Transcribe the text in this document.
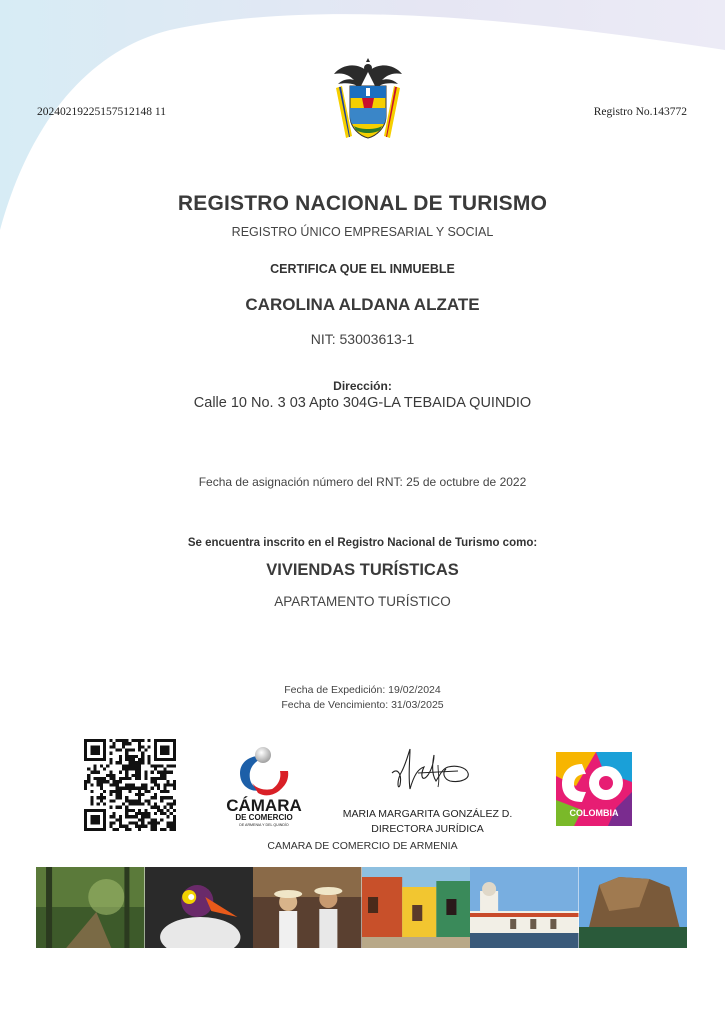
20240219225157512148 11	Registro No.143772
REGISTRO NACIONAL DE TURISMO
REGISTRO ÚNICO EMPRESARIAL Y SOCIAL
CERTIFICA QUE EL INMUEBLE
CAROLINA ALDANA ALZATE
NIT: 53003613-1
Dirección:
Calle 10 No. 3 03 Apto 304G-LA TEBAIDA QUINDIO
Fecha de asignación número del RNT: 25 de octubre de 2022
Se encuentra inscrito en el Registro Nacional de Turismo como:
VIVIENDAS TURÍSTICAS
APARTAMENTO TURÍSTICO
Fecha de Expedición: 19/02/2024
Fecha de Vencimiento: 31/03/2025
CÁMARA
DE COMERCIO
DE ARMENIA Y DEL QUINDÍO
MARIA MARGARITA GONZÁLEZ D.
DIRECTORA JURÍDICA
CAMARA DE COMERCIO DE ARMENIA
COLOMBIA
